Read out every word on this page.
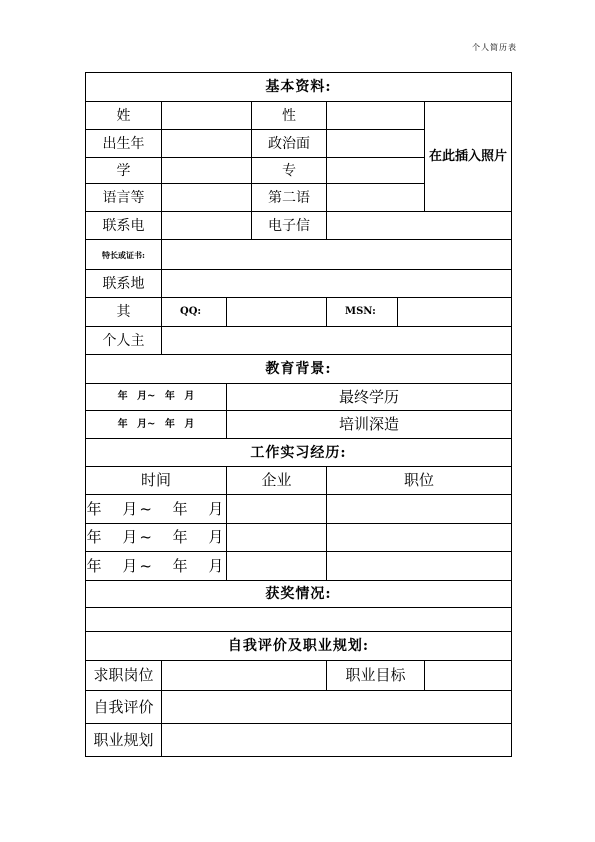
个人简历表
基本资料:						
姓			性			在此插入照片
出生年			政治面			
学			专			
语言等			第二语			
联系电			电子信			
特长或证书:						
联系地						
其	QQ:			MSN:		
个人主						
教育背景:						
年 月~ 年 月		最终学历				
年 月~ 年 月		培训深造				
工作实习经历:						
时间		企业		职位		
年 月~ 年 月						
年 月~ 年 月						
年 月~ 年 月						
获奖情况:						

自我评价及职业规划:						
求职岗位				职业目标		
自我评价						
职业规划						
